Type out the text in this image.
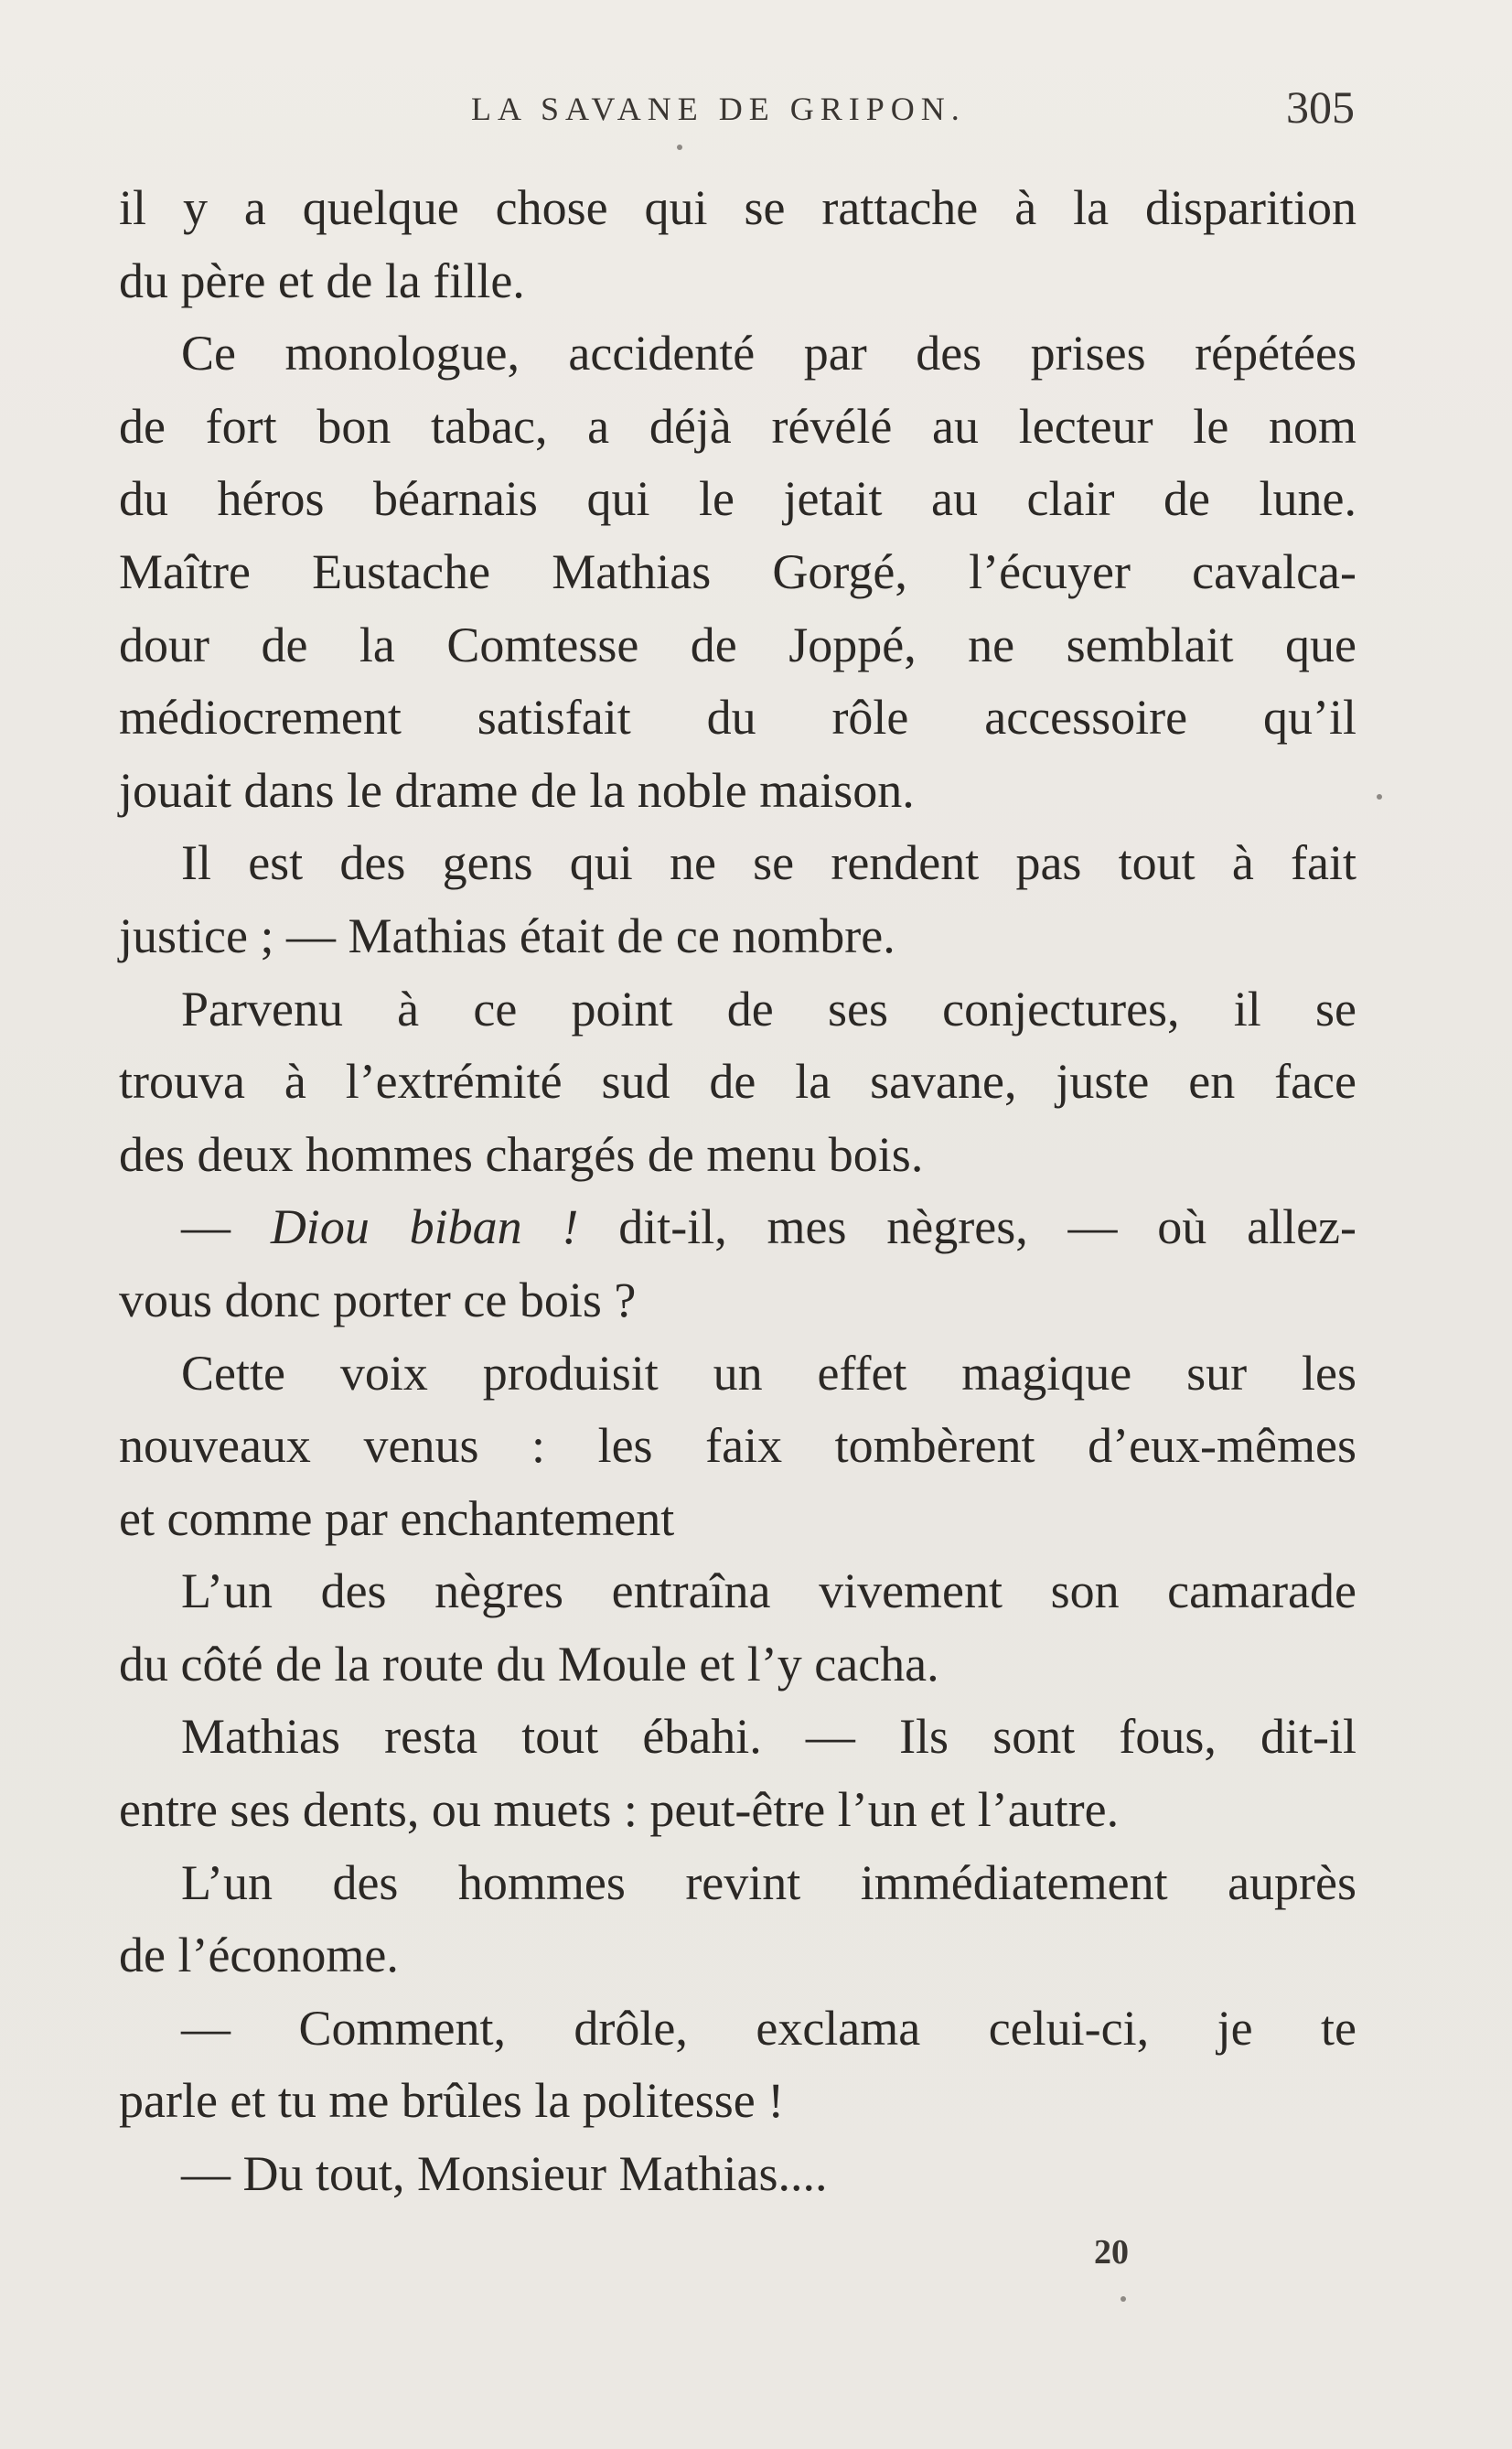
LA SAVANE DE GRIPON.	305
il y a quelque chose qui se rattache à la disparition
du père et de la fille.
Ce monologue, accidenté par des prises répétées
de fort bon tabac, a déjà révélé au lecteur le nom
du héros béarnais qui le jetait au clair de lune.
Maître Eustache Mathias Gorgé, l’écuyer cavalca-
dour de la Comtesse de Joppé, ne semblait que
médiocrement satisfait du rôle accessoire qu’il
jouait dans le drame de la noble maison.
Il est des gens qui ne se rendent pas tout à fait
justice ; — Mathias était de ce nombre.
Parvenu à ce point de ses conjectures, il se
trouva à l’extrémité sud de la savane, juste en face
des deux hommes chargés de menu bois.
— Diou biban ! dit-il, mes nègres, — où allez-
vous donc porter ce bois ?
Cette voix produisit un effet magique sur les
nouveaux venus : les faix tombèrent d’eux-mêmes
et comme par enchantement
L’un des nègres entraîna vivement son camarade
du côté de la route du Moule et l’y cacha.
Mathias resta tout ébahi. — Ils sont fous, dit-il
entre ses dents, ou muets : peut-être l’un et l’autre.
L’un des hommes revint immédiatement auprès
de l’économe.
— Comment, drôle, exclama celui-ci, je te
parle et tu me brûles la politesse !
— Du tout, Monsieur Mathias....
20
